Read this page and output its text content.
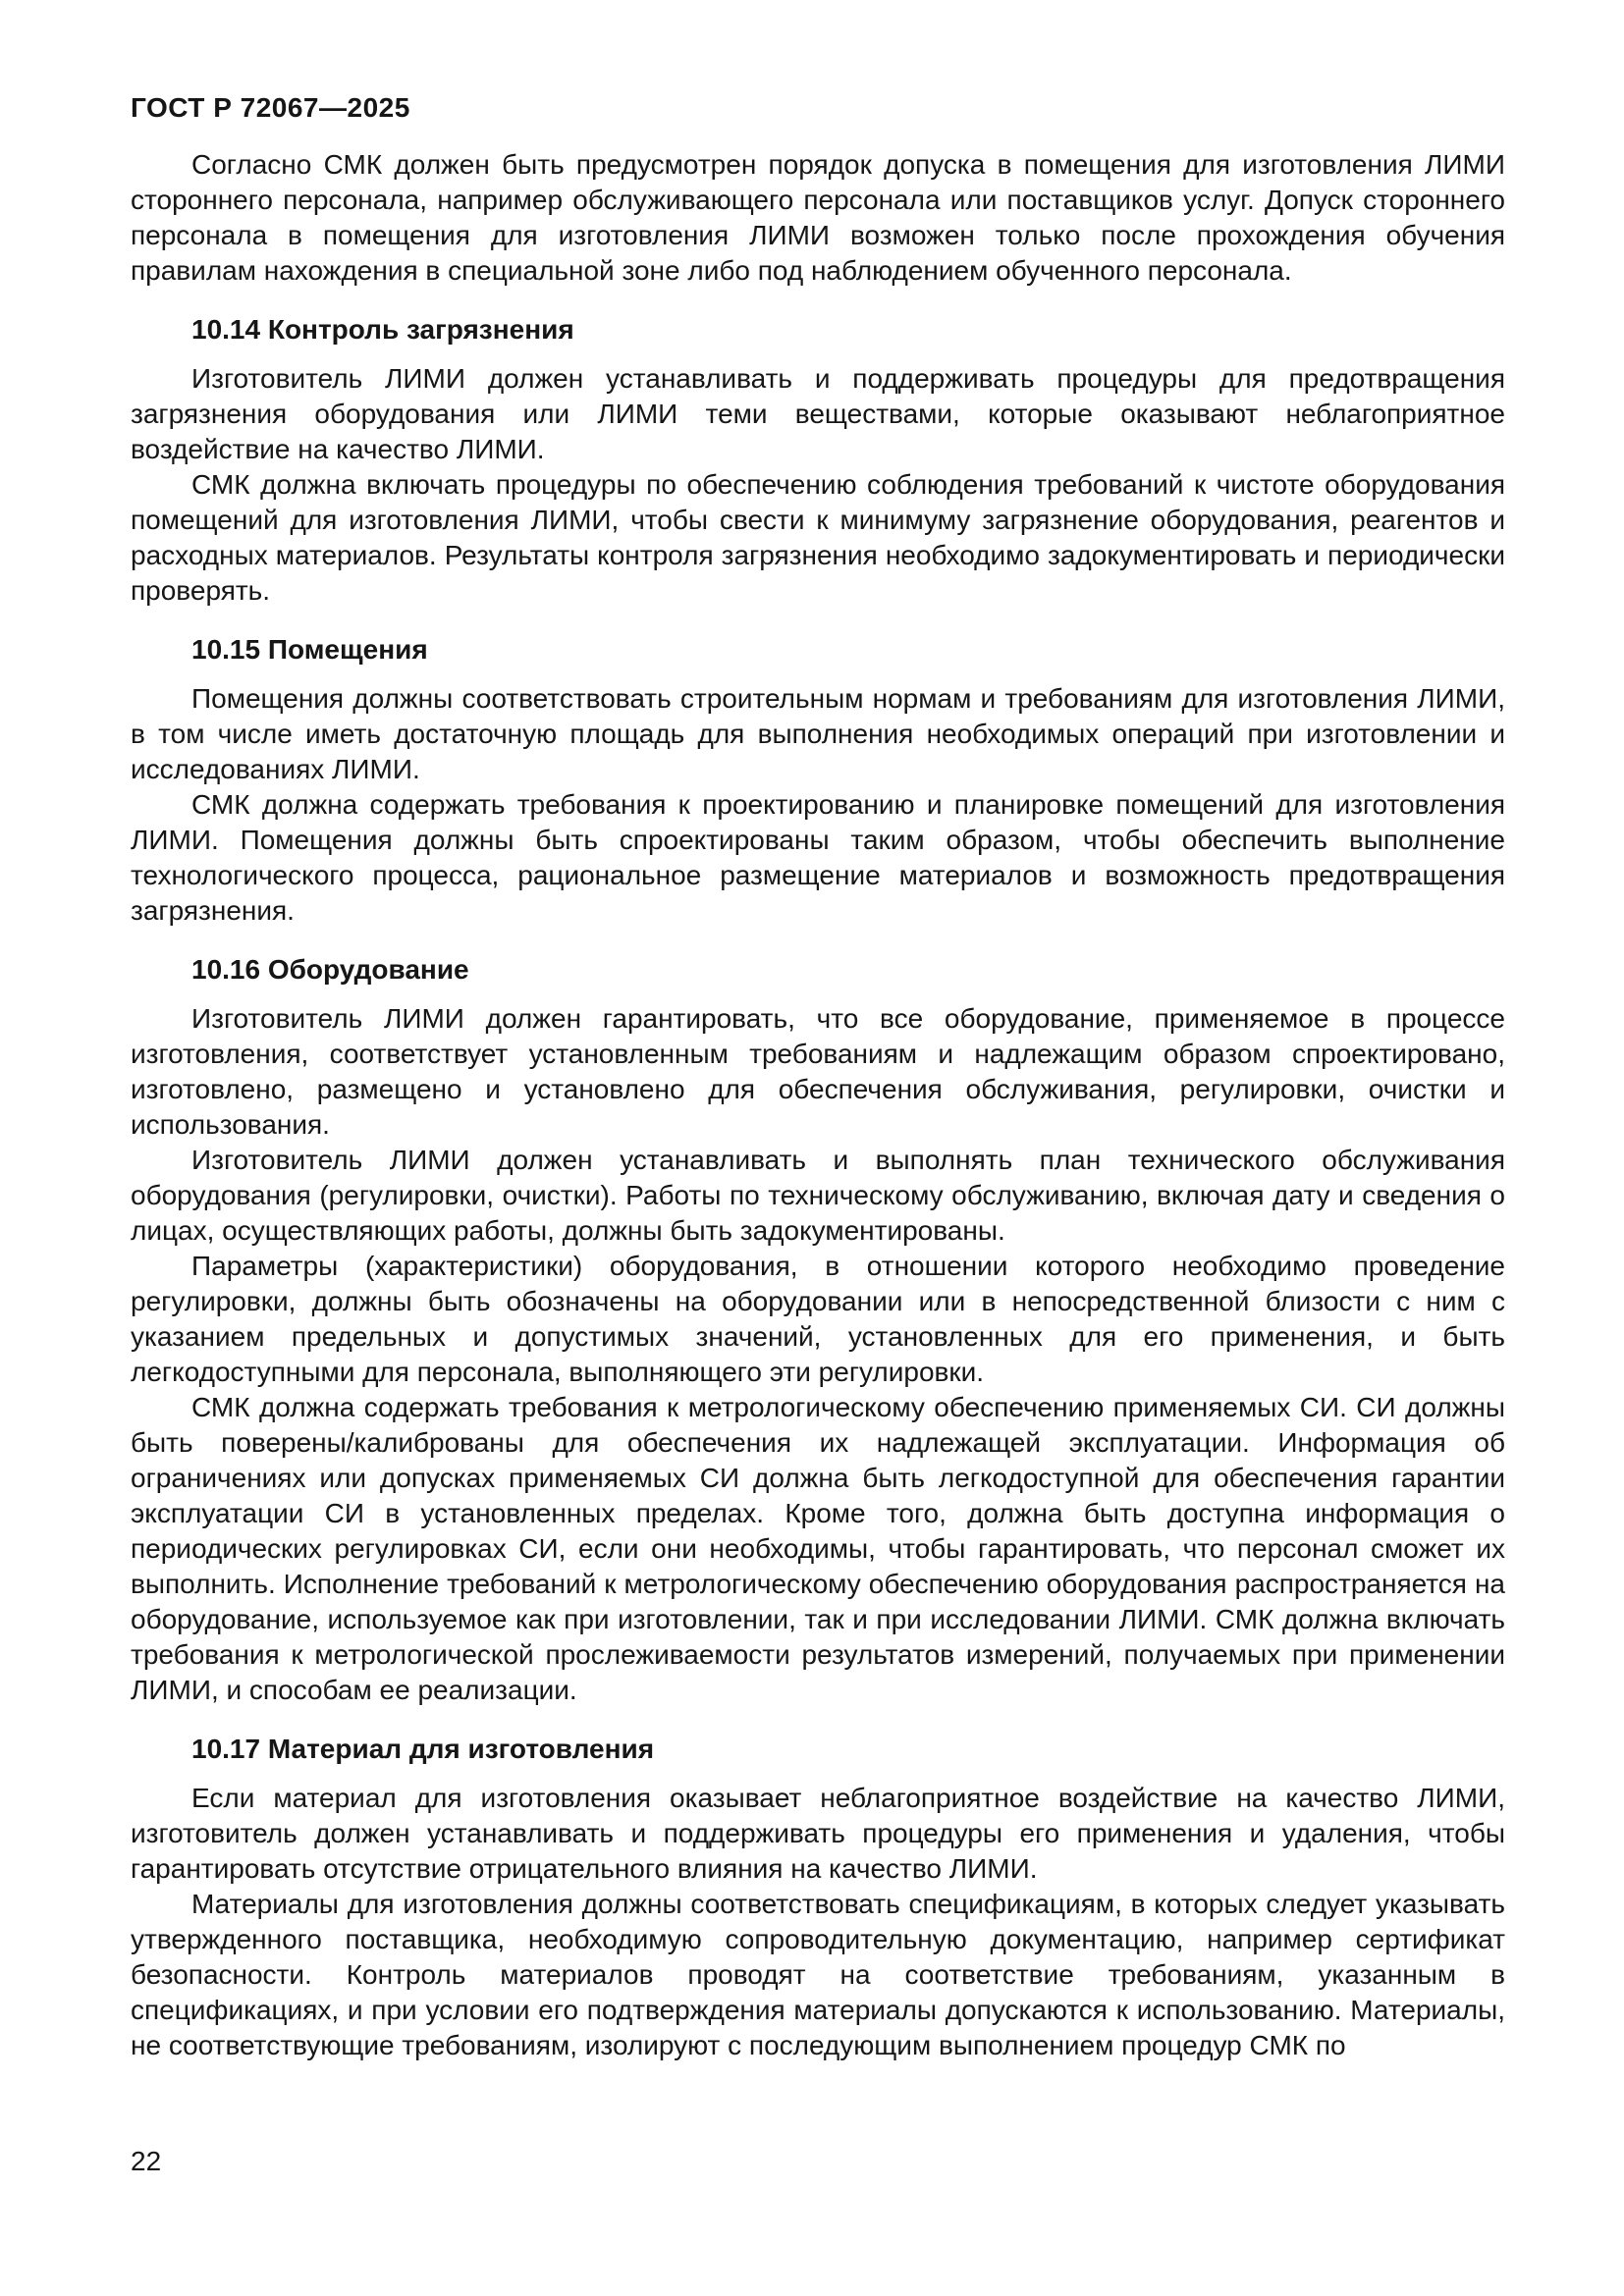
ГОСТ Р 72067—2025

Согласно СМК должен быть предусмотрен порядок допуска в помещения для изготовления ЛИМИ стороннего персонала, например обслуживающего персонала или поставщиков услуг. Допуск стороннего персонала в помещения для изготовления ЛИМИ возможен только после прохождения обучения правилам нахождения в специальной зоне либо под наблюдением обученного персонала.

10.14 Контроль загрязнения

Изготовитель ЛИМИ должен устанавливать и поддерживать процедуры для предотвращения загрязнения оборудования или ЛИМИ теми веществами, которые оказывают неблагоприятное воздействие на качество ЛИМИ.

СМК должна включать процедуры по обеспечению соблюдения требований к чистоте оборудования помещений для изготовления ЛИМИ, чтобы свести к минимуму загрязнение оборудования, реагентов и расходных материалов. Результаты контроля загрязнения необходимо задокументировать и периодически проверять.

10.15 Помещения

Помещения должны соответствовать строительным нормам и требованиям для изготовления ЛИМИ, в том числе иметь достаточную площадь для выполнения необходимых операций при изготовлении и исследованиях ЛИМИ.

СМК должна содержать требования к проектированию и планировке помещений для изготовления ЛИМИ. Помещения должны быть спроектированы таким образом, чтобы обеспечить выполнение технологического процесса, рациональное размещение материалов и возможность предотвращения загрязнения.

10.16 Оборудование

Изготовитель ЛИМИ должен гарантировать, что все оборудование, применяемое в процессе изготовления, соответствует установленным требованиям и надлежащим образом спроектировано, изготовлено, размещено и установлено для обеспечения обслуживания, регулировки, очистки и использования.

Изготовитель ЛИМИ должен устанавливать и выполнять план технического обслуживания оборудования (регулировки, очистки). Работы по техническому обслуживанию, включая дату и сведения о лицах, осуществляющих работы, должны быть задокументированы.

Параметры (характеристики) оборудования, в отношении которого необходимо проведение регулировки, должны быть обозначены на оборудовании или в непосредственной близости с ним с указанием предельных и допустимых значений, установленных для его применения, и быть легкодоступными для персонала, выполняющего эти регулировки.

СМК должна содержать требования к метрологическому обеспечению применяемых СИ. СИ должны быть поверены/калиброваны для обеспечения их надлежащей эксплуатации. Информация об ограничениях или допусках применяемых СИ должна быть легкодоступной для обеспечения гарантии эксплуатации СИ в установленных пределах. Кроме того, должна быть доступна информация о периодических регулировках СИ, если они необходимы, чтобы гарантировать, что персонал сможет их выполнить. Исполнение требований к метрологическому обеспечению оборудования распространяется на оборудование, используемое как при изготовлении, так и при исследовании ЛИМИ. СМК должна включать требования к метрологической прослеживаемости результатов измерений, получаемых при применении ЛИМИ, и способам ее реализации.

10.17 Материал для изготовления

Если материал для изготовления оказывает неблагоприятное воздействие на качество ЛИМИ, изготовитель должен устанавливать и поддерживать процедуры его применения и удаления, чтобы гарантировать отсутствие отрицательного влияния на качество ЛИМИ.

Материалы для изготовления должны соответствовать спецификациям, в которых следует указывать утвержденного поставщика, необходимую сопроводительную документацию, например сертификат безопасности. Контроль материалов проводят на соответствие требованиям, указанным в спецификациях, и при условии его подтверждения материалы допускаются к использованию. Материалы, не соответствующие требованиям, изолируют с последующим выполнением процедур СМК по

22
